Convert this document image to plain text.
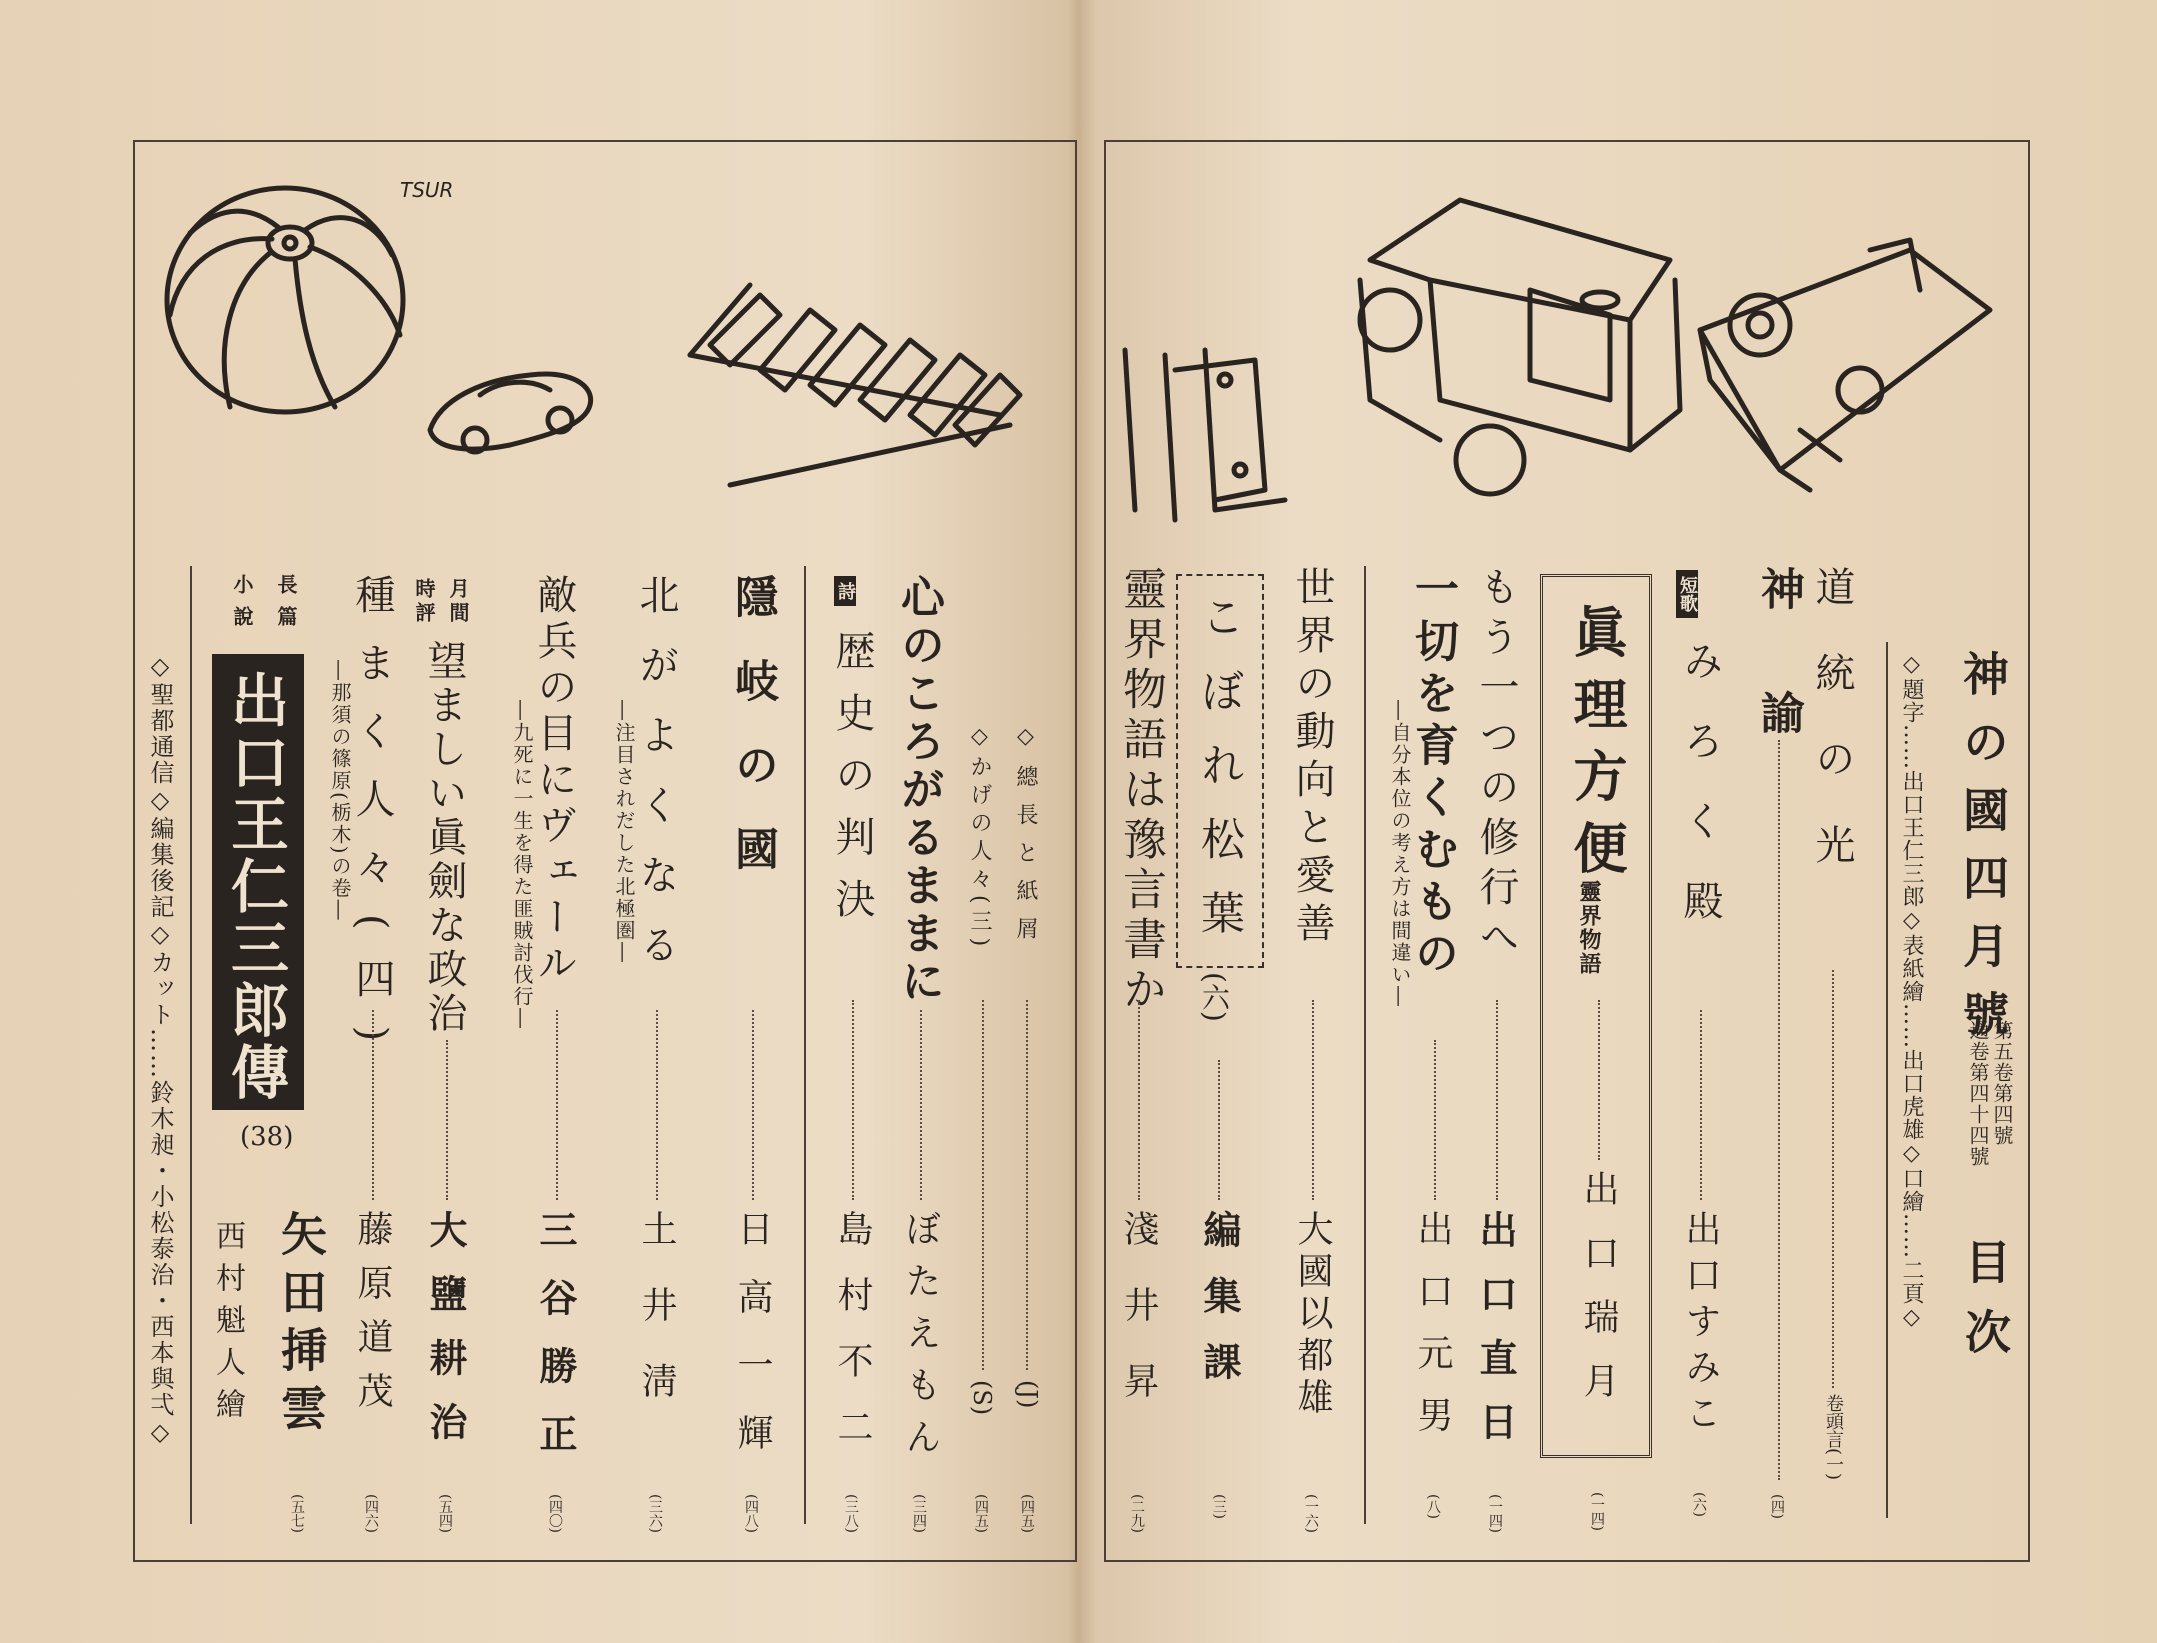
TSUR
神の國四月號
第五卷第四號
通卷第四十四號
目次
◇題字……出口王仁三郎◇表紙繪……出口虎雄◇口繪……二頁◇
道統の光
卷頭言(一)
神諭
(四)
短歌
みろく殿
出口すみこ
(六)
眞理方便
靈界物語
出口瑞月
(一四)
もう一つの修行へ
出口直日
(一四)
一切を育くむもの
―自分本位の考え方は間違い―
出口元男
(八)
世界の動向と愛善
大國以都雄
(一六)
こぼれ松葉
(六)
編集課
(三)
靈界物語は豫言書か
淺井昇
(二九)
◇總長と紙屑
(J)
(四五)
◇かげの人々(三)
(S)
(四五)
心のころがるままに
ぼたえもん
(三四)
詩
歴史の判決
島村不二
(三八)
隱岐の國
日高一輝
(四八)
北がよくなる
―注目されだした北極圏―
土井淸
(三六)
敵兵の目にヴェール
―九死に一生を得た匪賊討伐行―
三谷勝正
(四〇)
月間
時評
望ましい眞劍な政治
大鹽耕治
(五四)
種まく人々(四)
―那須の篠原(栃木)の卷―
藤原道茂
(四六)
長篇
小說
出口王仁三郎傳
(38)
矢田挿雲
西村魁人繪
(五七)
◇聖都通信◇編集後記◇カット……鈴木昶・小松泰治・西本與弌◇
